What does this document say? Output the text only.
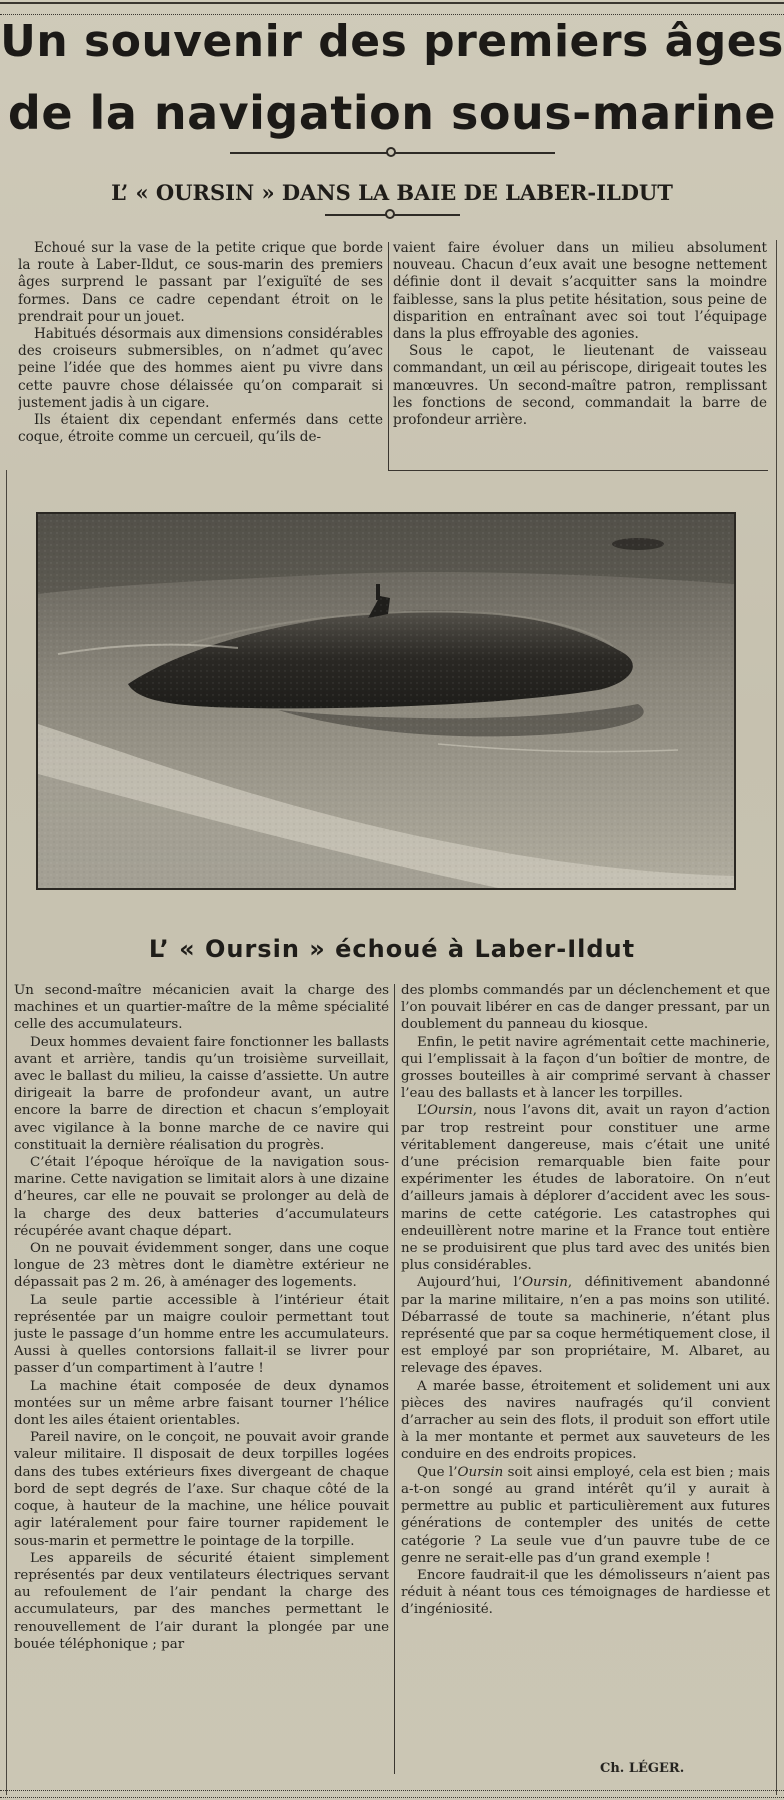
Un souvenir des premiers âges
de la navigation sous-marine
L’ « OURSIN » DANS LA BAIE DE LABER-ILDUT

Echoué sur la vase de la petite crique que borde la route à Laber-Ildut, ce sous-marin des premiers âges surprend le passant par l’exiguïté de ses formes. Dans ce cadre cependant étroit on le prendrait pour un jouet.

Habitués désormais aux dimensions considérables des croiseurs submersibles, on n’admet qu’avec peine l’idée que des hommes aient pu vivre dans cette pauvre chose délaissée qu’on comparait si justement jadis à un cigare.

Ils étaient dix cependant enfermés dans cette coque, étroite comme un cercueil, qu’ils de-

vaient faire évoluer dans un milieu absolument nouveau. Chacun d’eux avait une besogne nettement définie dont il devait s’acquitter sans la moindre faiblesse, sans la plus petite hésitation, sous peine de disparition en entraînant avec soi tout l’équipage dans la plus effroyable des agonies.

Sous le capot, le lieutenant de vaisseau commandant, un œil au périscope, dirigeait toutes les manœuvres. Un second-maître patron, remplissant les fonctions de second, commandait la barre de profondeur arrière.

L’ « Oursin » échoué à Laber-Ildut

Un second-maître mécanicien avait la charge des machines et un quartier-maître de la même spécialité celle des accumulateurs.

Deux hommes devaient faire fonctionner les ballasts avant et arrière, tandis qu’un troisième surveillait, avec le ballast du milieu, la caisse d’assiette. Un autre dirigeait la barre de profondeur avant, un autre encore la barre de direction et chacun s’employait avec vigilance à la bonne marche de ce navire qui constituait la dernière réalisation du progrès.

C’était l’époque héroïque de la navigation sous-marine. Cette navigation se limitait alors à une dizaine d’heures, car elle ne pouvait se prolonger au delà de la charge des deux batteries d’accumulateurs récupérée avant chaque départ.

On ne pouvait évidemment songer, dans une coque longue de 23 mètres dont le diamètre extérieur ne dépassait pas 2 m. 26, à aménager des logements.

La seule partie accessible à l’intérieur était représentée par un maigre couloir permettant tout juste le passage d’un homme entre les accumulateurs. Aussi à quelles contorsions fallait-il se livrer pour passer d’un compartiment à l’autre !

La machine était composée de deux dynamos montées sur un même arbre faisant tourner l’hélice dont les ailes étaient orientables.

Pareil navire, on le conçoit, ne pouvait avoir grande valeur militaire. Il disposait de deux torpilles logées dans des tubes extérieurs fixes divergeant de chaque bord de sept degrés de l’axe. Sur chaque côté de la coque, à hauteur de la machine, une hélice pouvait agir latéralement pour faire tourner rapidement le sous-marin et permettre le pointage de la torpille.

Les appareils de sécurité étaient simplement représentés par deux ventilateurs électriques servant au refoulement de l’air pendant la charge des accumulateurs, par des manches permettant le renouvellement de l’air durant la plongée par une bouée téléphonique ; par

des plombs commandés par un déclenchement et que l’on pouvait libérer en cas de danger pressant, par un doublement du panneau du kiosque.

Enfin, le petit navire agrémentait cette machinerie, qui l’emplissait à la façon d’un boîtier de montre, de grosses bouteilles à air comprimé servant à chasser l’eau des ballasts et à lancer les torpilles.

L’Oursin, nous l’avons dit, avait un rayon d’action par trop restreint pour constituer une arme véritablement dangereuse, mais c’était une unité d’une précision remarquable bien faite pour expérimenter les études de laboratoire. On n’eut d’ailleurs jamais à déplorer d’accident avec les sous-marins de cette catégorie. Les catastrophes qui endeuillèrent notre marine et la France tout entière ne se produisirent que plus tard avec des unités bien plus considérables.

Aujourd’hui, l’Oursin, définitivement abandonné par la marine militaire, n’en a pas moins son utilité. Débarrassé de toute sa machinerie, n’étant plus représenté que par sa coque hermétiquement close, il est employé par son propriétaire, M. Albaret, au relevage des épaves.

A marée basse, étroitement et solidement uni aux pièces des navires naufragés qu’il convient d’arracher au sein des flots, il produit son effort utile à la mer montante et permet aux sauveteurs de les conduire en des endroits propices.

Que l’Oursin soit ainsi employé, cela est bien ; mais a-t-on songé au grand intérêt qu’il y aurait à permettre au public et particulièrement aux futures générations de contempler des unités de cette catégorie ? La seule vue d’un pauvre tube de ce genre ne serait-elle pas d’un grand exemple !

Encore faudrait-il que les démolisseurs n’aient pas réduit à néant tous ces témoignages de hardiesse et d’ingéniosité.

Ch. LÉGER.
